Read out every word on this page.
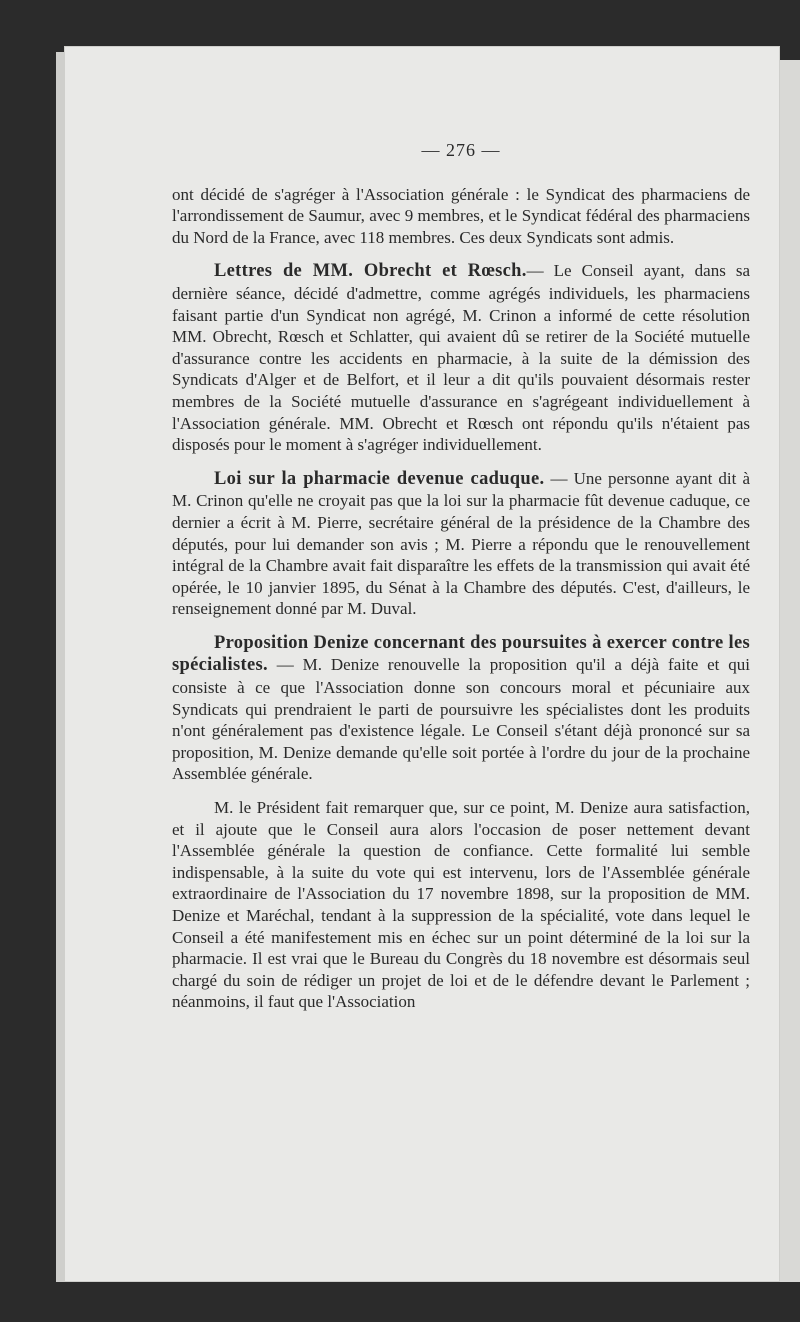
— 276 —

ont décidé de s'agréger à l'Association générale : le Syndicat des pharmaciens de l'arrondissement de Saumur, avec 9 membres, et le Syndicat fédéral des pharmaciens du Nord de la France, avec 118 membres. Ces deux Syndicats sont admis.

Lettres de MM. Obrecht et Rœsch.— Le Conseil ayant, dans sa dernière séance, décidé d'admettre, comme agrégés individuels, les pharmaciens faisant partie d'un Syndicat non agrégé, M. Crinon a informé de cette résolution MM. Obrecht, Rœsch et Schlatter, qui avaient dû se retirer de la Société mutuelle d'assurance contre les accidents en pharmacie, à la suite de la démission des Syndicats d'Alger et de Belfort, et il leur a dit qu'ils pouvaient désormais rester membres de la Société mutuelle d'assurance en s'agrégeant individuellement à l'Association générale. MM. Obrecht et Rœsch ont répondu qu'ils n'étaient pas disposés pour le moment à s'agréger individuellement.

Loi sur la pharmacie devenue caduque. — Une personne ayant dit à M. Crinon qu'elle ne croyait pas que la loi sur la pharmacie fût devenue caduque, ce dernier a écrit à M. Pierre, secrétaire général de la présidence de la Chambre des députés, pour lui demander son avis ; M. Pierre a répondu que le renouvellement intégral de la Chambre avait fait disparaître les effets de la transmission qui avait été opérée, le 10 janvier 1895, du Sénat à la Chambre des députés. C'est, d'ailleurs, le renseignement donné par M. Duval.

Proposition Denize concernant des poursuites à exercer contre les spécialistes. — M. Denize renouvelle la proposition qu'il a déjà faite et qui consiste à ce que l'Association donne son concours moral et pécuniaire aux Syndicats qui prendraient le parti de poursuivre les spécialistes dont les produits n'ont généralement pas d'existence légale. Le Conseil s'étant déjà prononcé sur sa proposition, M. Denize demande qu'elle soit portée à l'ordre du jour de la prochaine Assemblée générale.

M. le Président fait remarquer que, sur ce point, M. Denize aura satisfaction, et il ajoute que le Conseil aura alors l'occasion de poser nettement devant l'Assemblée générale la question de confiance. Cette formalité lui semble indispensable, à la suite du vote qui est intervenu, lors de l'Assemblée générale extraordinaire de l'Association du 17 novembre 1898, sur la proposition de MM. Denize et Maréchal, tendant à la suppression de la spécialité, vote dans lequel le Conseil a été manifestement mis en échec sur un point déterminé de la loi sur la pharmacie. Il est vrai que le Bureau du Congrès du 18 novembre est désormais seul chargé du soin de rédiger un projet de loi et de le défendre devant le Parlement ; néanmoins, il faut que l'Association
